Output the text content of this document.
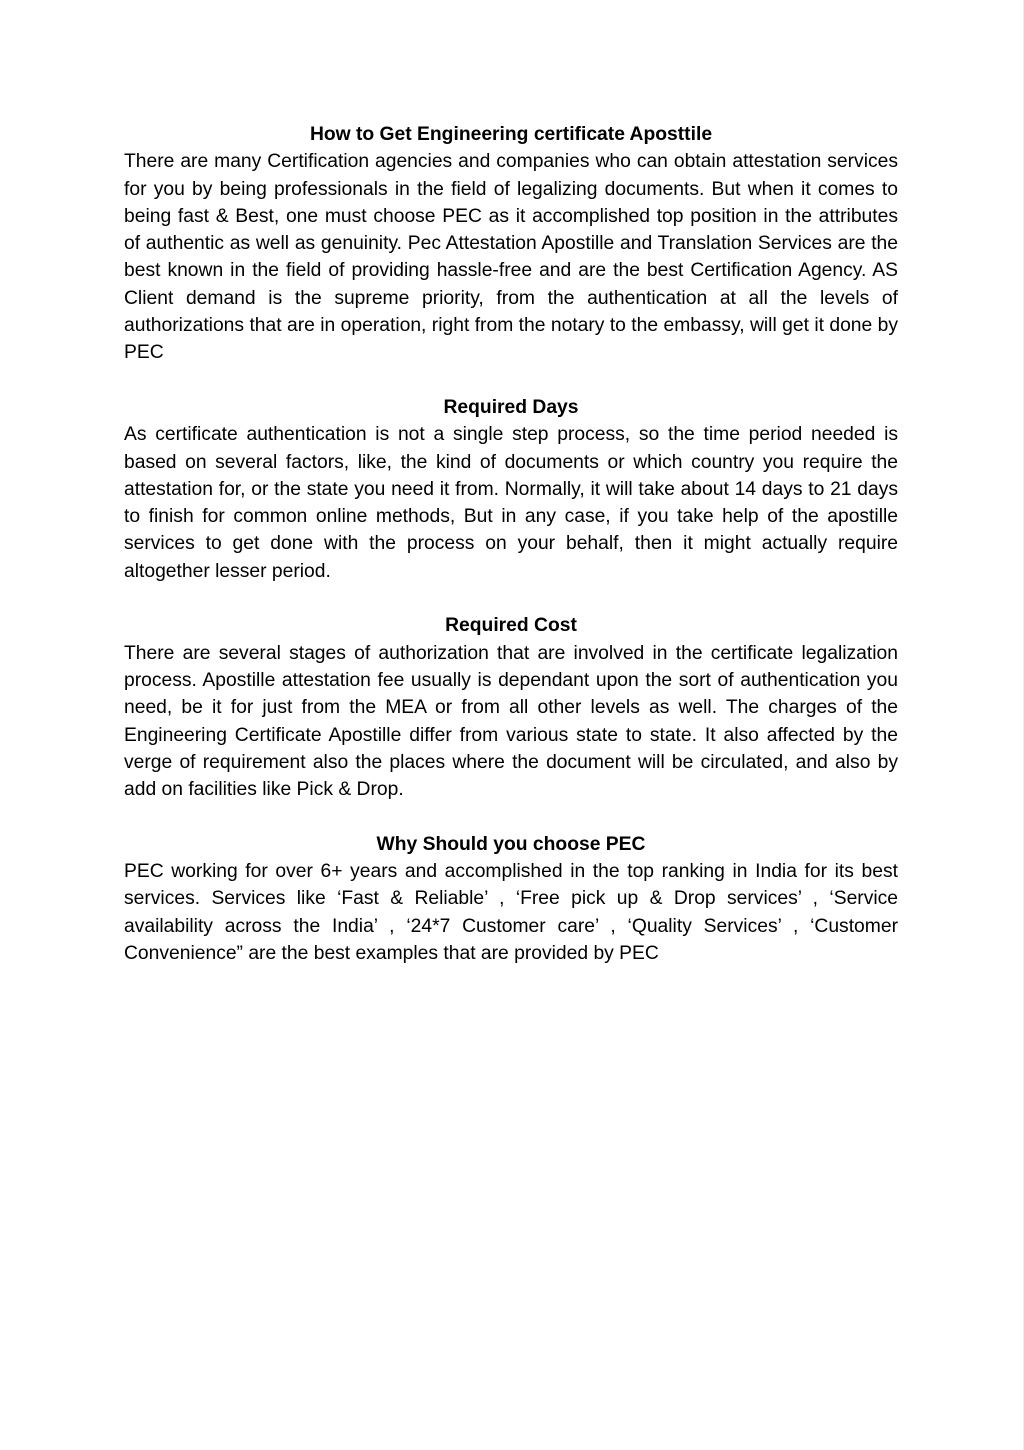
How to Get Engineering certificate Aposttile

There are many Certification agencies and companies who can obtain attestation services for you by being professionals in the field of legalizing documents. But when it comes to being fast & Best, one must choose PEC as it accomplished top position in the attributes of authentic as well as genuinity. Pec Attestation Apostille and Translation Services are the best known in the field of providing hassle-free and are the best Certification Agency. AS Client demand is the supreme priority, from the authentication at all the levels of authorizations that are in operation, right from the notary to the embassy, will get it done by PEC

Required Days

As certificate authentication is not a single step process, so the time period needed is based on several factors, like, the kind of documents or which country you require the attestation for, or the state you need it from. Normally, it will take about 14 days to 21 days to finish for common online methods, But in any case, if you take help of the apostille services to get done with the process on your behalf, then it might actually require altogether lesser period.

Required Cost

There are several stages of authorization that are involved in the certificate legalization process. Apostille attestation fee usually is dependant upon the sort of authentication you need, be it for just from the MEA or from all other levels as well. The charges of the Engineering Certificate Apostille differ from various state to state. It also affected by the verge of requirement also the places where the document will be circulated, and also by add on facilities like Pick & Drop.

Why Should you choose PEC

PEC working for over 6+ years and accomplished in the top ranking in India for its best services. Services like ‘Fast & Reliable’ , ‘Free pick up & Drop services’ , ‘Service availability across the India’ , ‘24*7 Customer care’ , ‘Quality Services’ , ‘Customer Convenience” are the best examples that are provided by PEC
